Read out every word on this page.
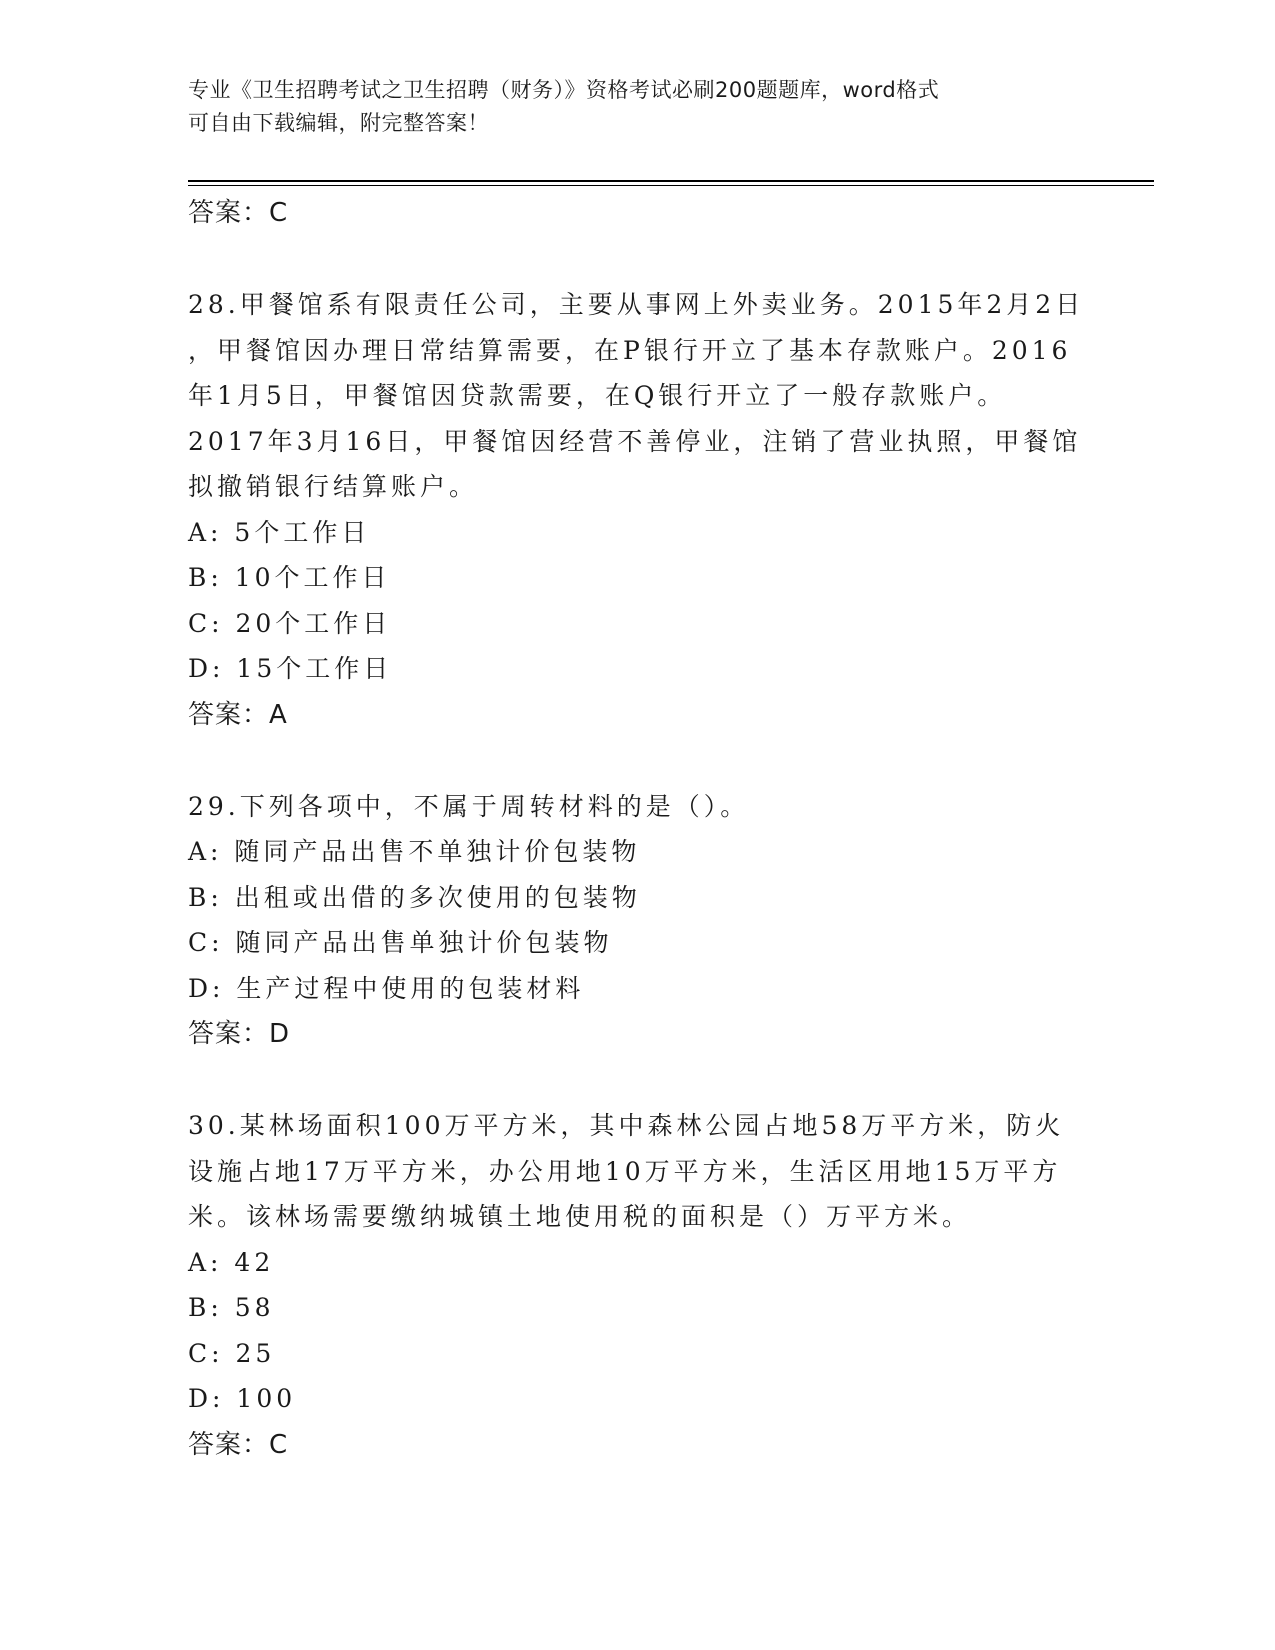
专业《卫生招聘考试之卫生招聘（财务）》资格考试必刷200题题库，word格式
可自由下载编辑，附完整答案！
答案：C
28.甲餐馆系有限责任公司，主要从事网上外卖业务。2015年2月2日
，甲餐馆因办理日常结算需要，在P银行开立了基本存款账户。2016
年1月5日，甲餐馆因贷款需要，在Q银行开立了一般存款账户。
2017年3月16日，甲餐馆因经营不善停业，注销了营业执照，甲餐馆
拟撤销银行结算账户。
A: 5个工作日
B: 10个工作日
C: 20个工作日
D: 15个工作日
答案：A
29.下列各项中，不属于周转材料的是（）。
A: 随同产品出售不单独计价包装物
B: 出租或出借的多次使用的包装物
C: 随同产品出售单独计价包装物
D: 生产过程中使用的包装材料
答案：D
30.某林场面积100万平方米，其中森林公园占地58万平方米，防火
设施占地17万平方米，办公用地10万平方米，生活区用地15万平方
米。该林场需要缴纳城镇土地使用税的面积是（）万平方米。
A: 42
B: 58
C: 25
D: 100
答案：C
